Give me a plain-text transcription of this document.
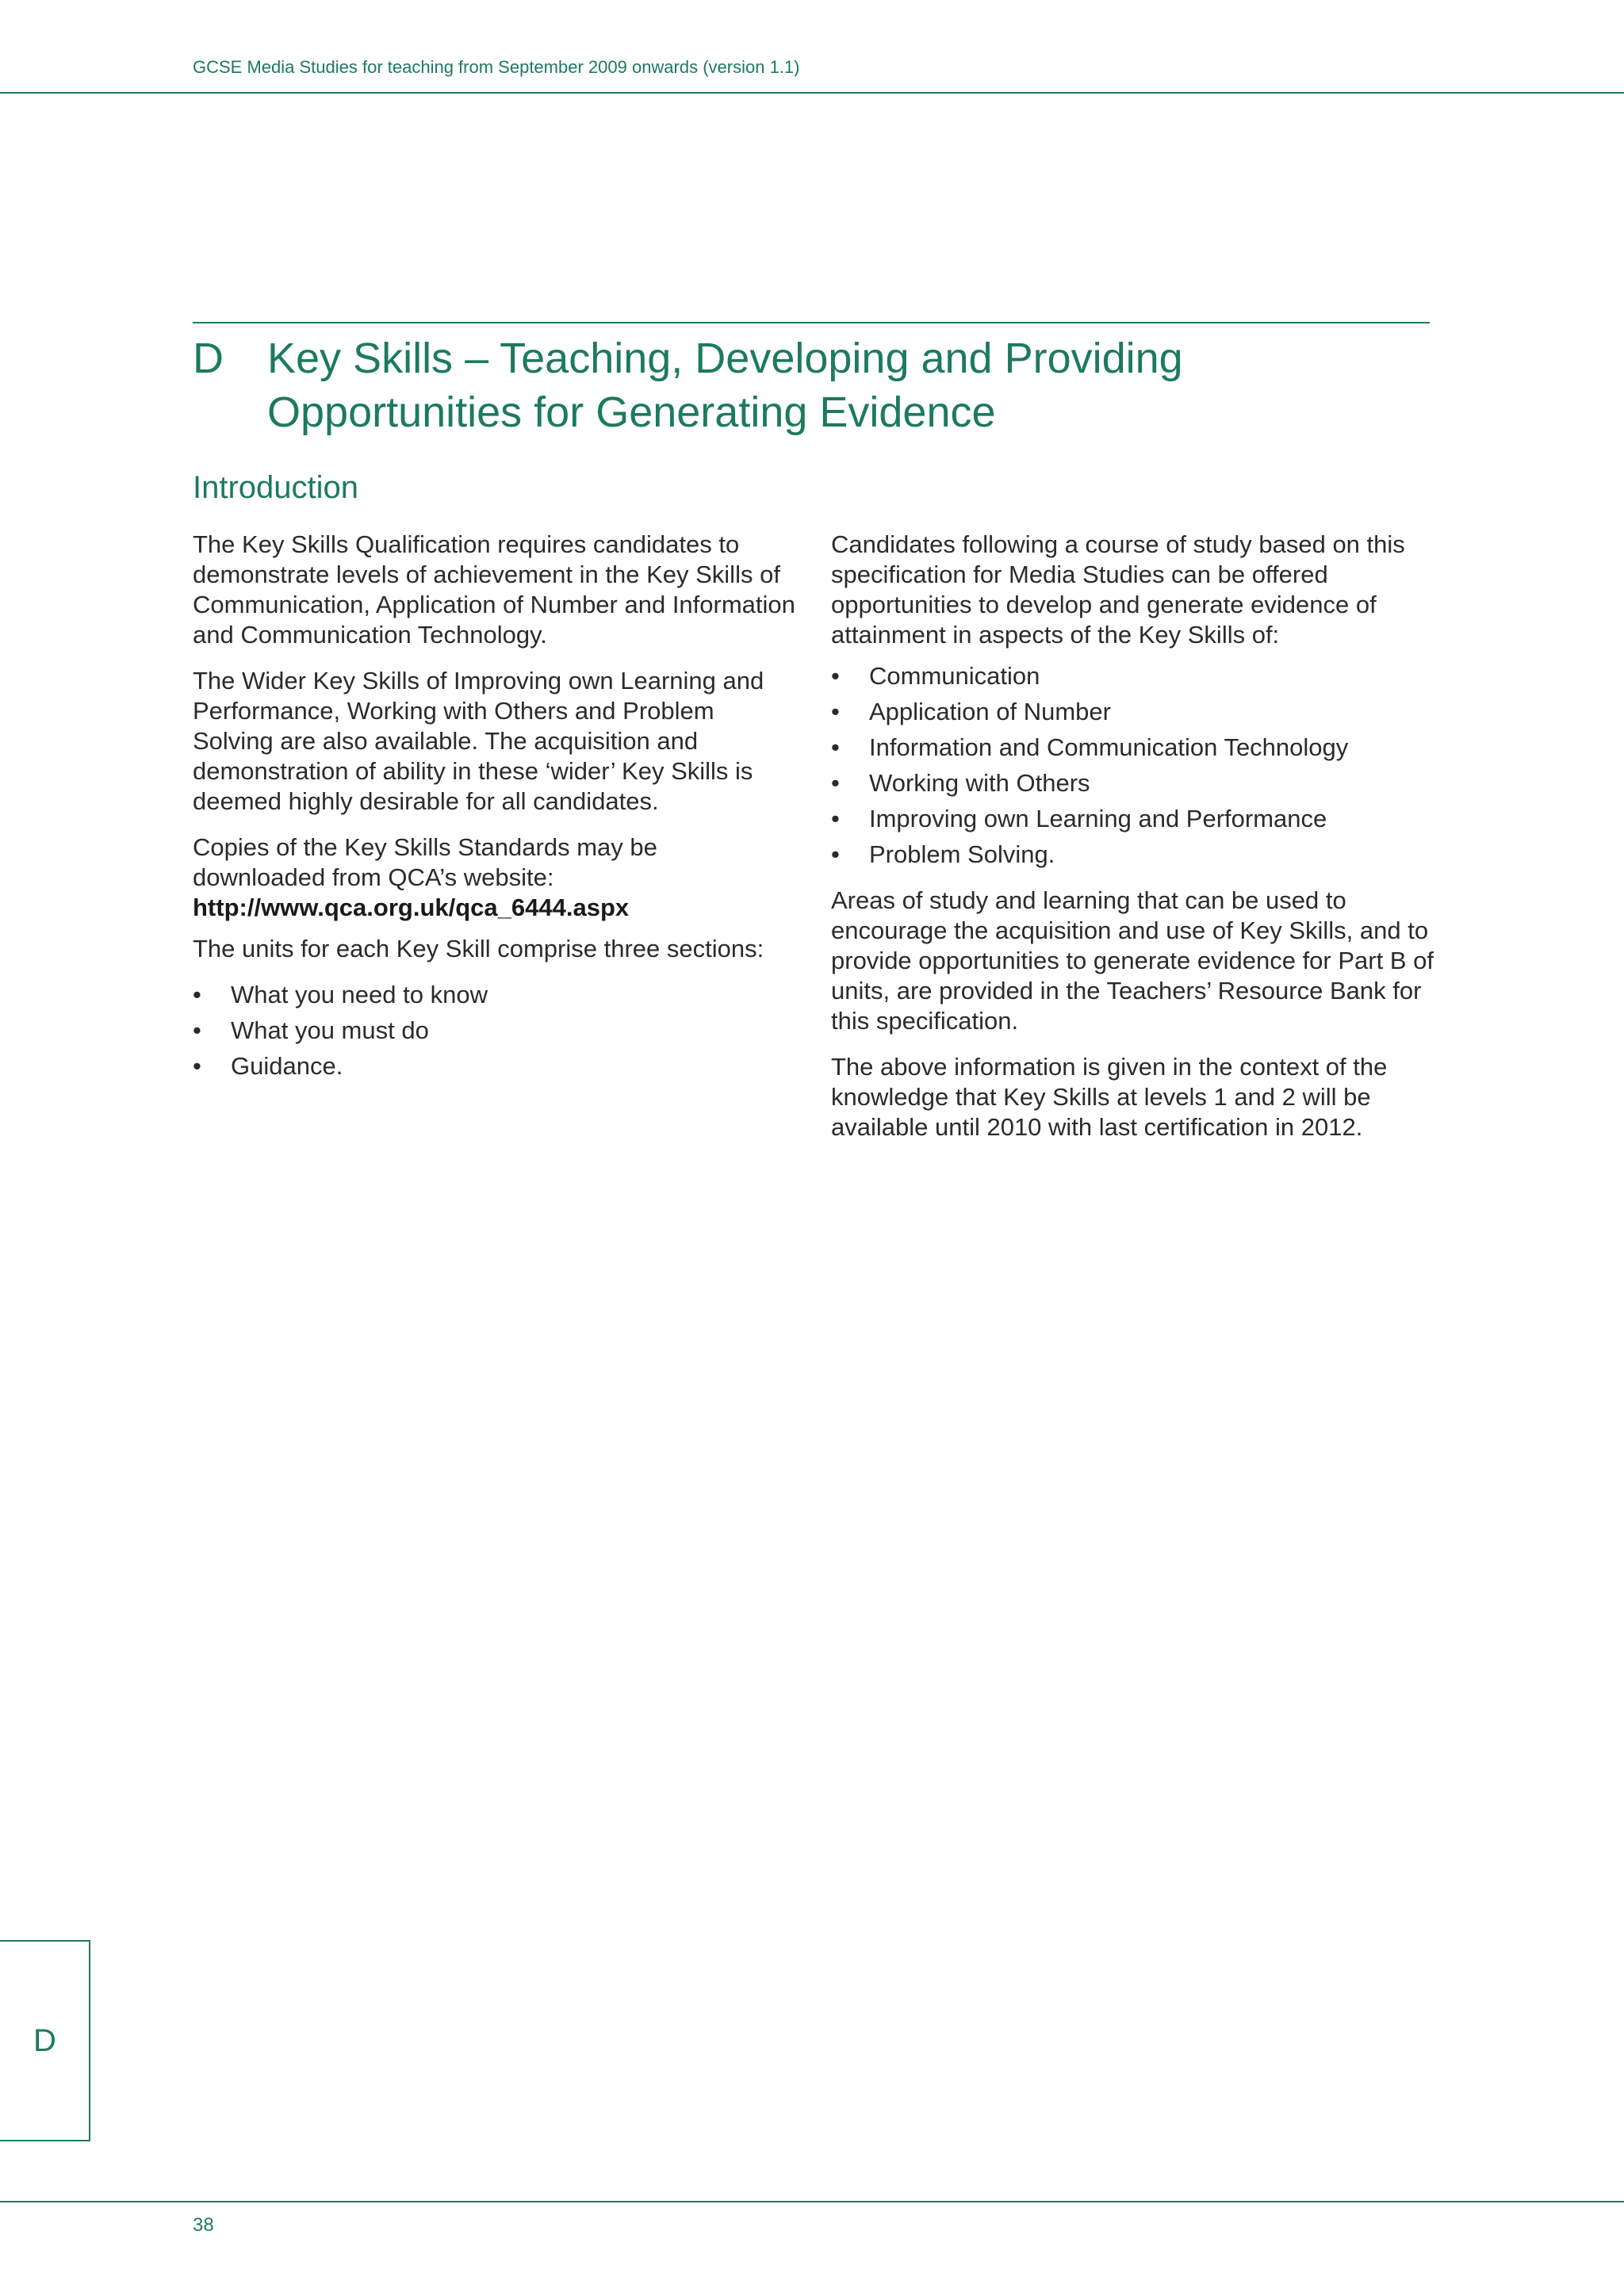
GCSE Media Studies for teaching from September 2009 onwards (version 1.1)
D	Key Skills – Teaching, Developing and Providing Opportunities for Generating Evidence
Introduction

The Key Skills Qualification requires candidates to demonstrate levels of achievement in the Key Skills of Communication, Application of Number and Information and Communication Technology.

The Wider Key Skills of Improving own Learning and Performance, Working with Others and Problem Solving are also available. The acquisition and demonstration of ability in these ‘wider’ Key Skills is deemed highly desirable for all candidates.

Copies of the Key Skills Standards may be downloaded from QCA’s website:
http://www.qca.org.uk/qca_6444.aspx

The units for each Key Skill comprise three sections:

• What you need to know
• What you must do
• Guidance.

Candidates following a course of study based on this specification for Media Studies can be offered opportunities to develop and generate evidence of attainment in aspects of the Key Skills of:

• Communication
• Application of Number
• Information and Communication Technology
• Working with Others
• Improving own Learning and Performance
• Problem Solving.

Areas of study and learning that can be used to encourage the acquisition and use of Key Skills, and to provide opportunities to generate evidence for Part B of units, are provided in the Teachers’ Resource Bank for this specification.

The above information is given in the context of the knowledge that Key Skills at levels 1 and 2 will be available until 2010 with last certification in 2012.

D
38
